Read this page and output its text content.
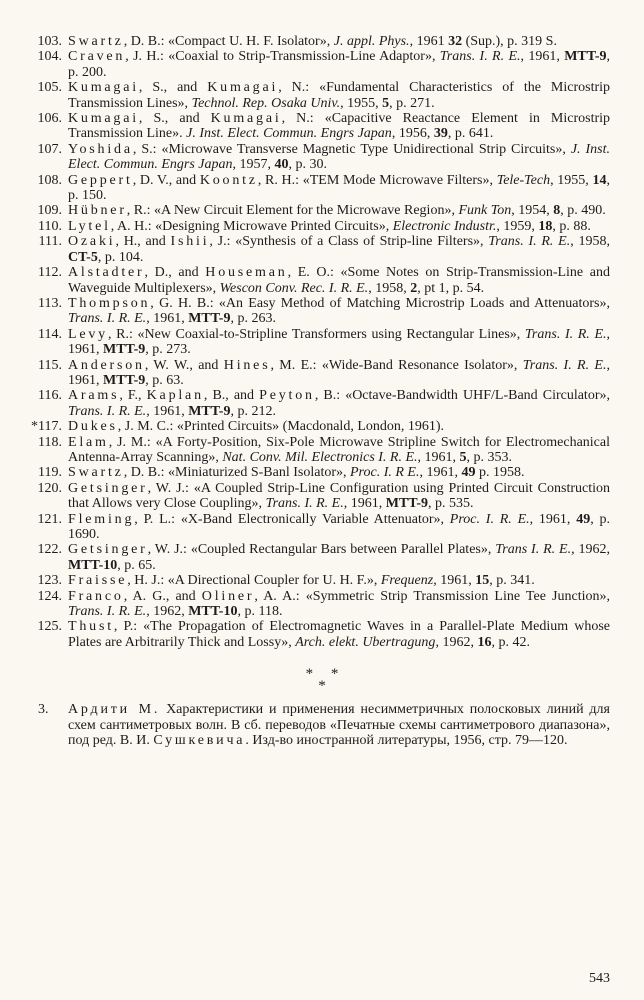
103. Swartz, D. B.: «Compact U. H. F. Isolator», J. appl. Phys., 1961 32 (Sup.), p. 319 S.
104. Craven, J. H.: «Coaxial to Strip-Transmission-Line Adaptor», Trans. I. R. E., 1961, MTT-9, p. 200.
105. Kumagai, S., and Kumagai, N.: «Fundamental Characteristics of the Microstrip Transmission Lines», Technol. Rep. Osaka Univ., 1955, 5, p. 271.
106. Kumagai, S., and Kumagai, N.: «Capacitive Reactance Element in Microstrip Transmission Line». J. Inst. Elect. Commun. Engrs Japan, 1956, 39, p. 641.
107. Yoshida, S.: «Microwave Transverse Magnetic Type Unidirectional Strip Circuits», J. Inst. Elect. Commun. Engrs Japan, 1957, 40, p. 30.
108. Geppert, D. V., and Koontz, R. H.: «TEM Mode Microwave Filters», Tele-Tech, 1955, 14, p. 150.
109. Hübner, R.: «A New Circuit Element for the Microwave Region», Funk Ton, 1954, 8, p. 490.
110. Lytel, A. H.: «Designing Microwave Printed Circuits», Electronic Industr., 1959, 18, p. 88.
111. Ozaki, H., and Ishii, J.: «Synthesis of a Class of Strip-line Filters», Trans. I. R. E., 1958, CT-5, p. 104.
112. Alstadter, D., and Houseman, E. O.: «Some Notes on Strip-Transmission-Line and Waveguide Multiplexers», Wescon Conv. Rec. I. R. E., 1958, 2, pt 1, p. 54.
113. Thompson, G. H. B.: «An Easy Method of Matching Microstrip Loads and Attenuators», Trans. I. R. E., 1961, MTT-9, p. 263.
114. Levy, R.: «New Coaxial-to-Stripline Transformers using Rectangular Lines», Trans. I. R. E., 1961, MTT-9, p. 273.
115. Anderson, W. W., and Hines, M. E.: «Wide-Band Resonance Isolator», Trans. I. R. E., 1961, MTT-9, p. 63.
116. Arams, F., Kaplan, B., and Peyton, B.: «Octave-Bandwidth UHF/L-Band Circulator», Trans. I. R. E., 1961, MTT-9, p. 212.
*117. Dukes, J. M. C.: «Printed Circuits» (Macdonald, London, 1961).
118. Elam, J. M.: «A Forty-Position, Six-Pole Microwave Stripline Switch for Electromechanical Antenna-Array Scanning», Nat. Conv. Mil. Electronics I. R. E., 1961, 5, p. 353.
119. Swartz, D. B.: «Miniaturized S-Banl Isolator», Proc. I. R E., 1961, 49 p. 1958.
120. Getsinger, W. J.: «A Coupled Strip-Line Configuration using Printed Circuit Construction that Allows very Close Coupling», Trans. I. R. E., 1961, MTT-9, p. 535.
121. Fleming, P. L.: «X-Band Electronically Variable Attenuator», Proc. I. R. E., 1961, 49, p. 1690.
122. Getsinger, W. J.: «Coupled Rectangular Bars between Parallel Plates», Trans I. R. E., 1962, MTT-10, p. 65.
123. Fraisse, H. J.: «A Directional Coupler for U. H. F.», Frequenz, 1961, 15, p. 341.
124. Franco, A. G., and Oliner, A. A.: «Symmetric Strip Transmission Line Tee Junction», Trans. I. R. E., 1962, MTT-10, p. 118.
125. Thust, P.: «The Propagation of Electromagnetic Waves in a Parallel-Plate Medium whose Plates are Arbitrarily Thick and Lossy», Arch. elekt. Ubertragung, 1962, 16, p. 42.
* *
*
3.	Ардити М. Характеристики и применения несимметричных полосковых линий для схем сантиметровых волн. В сб. переводов «Печатные схемы сантиметрового диапазона», под ред. В. И. Сушкевича. Изд-во иностранной литературы, 1956, стр. 79—120.
543
